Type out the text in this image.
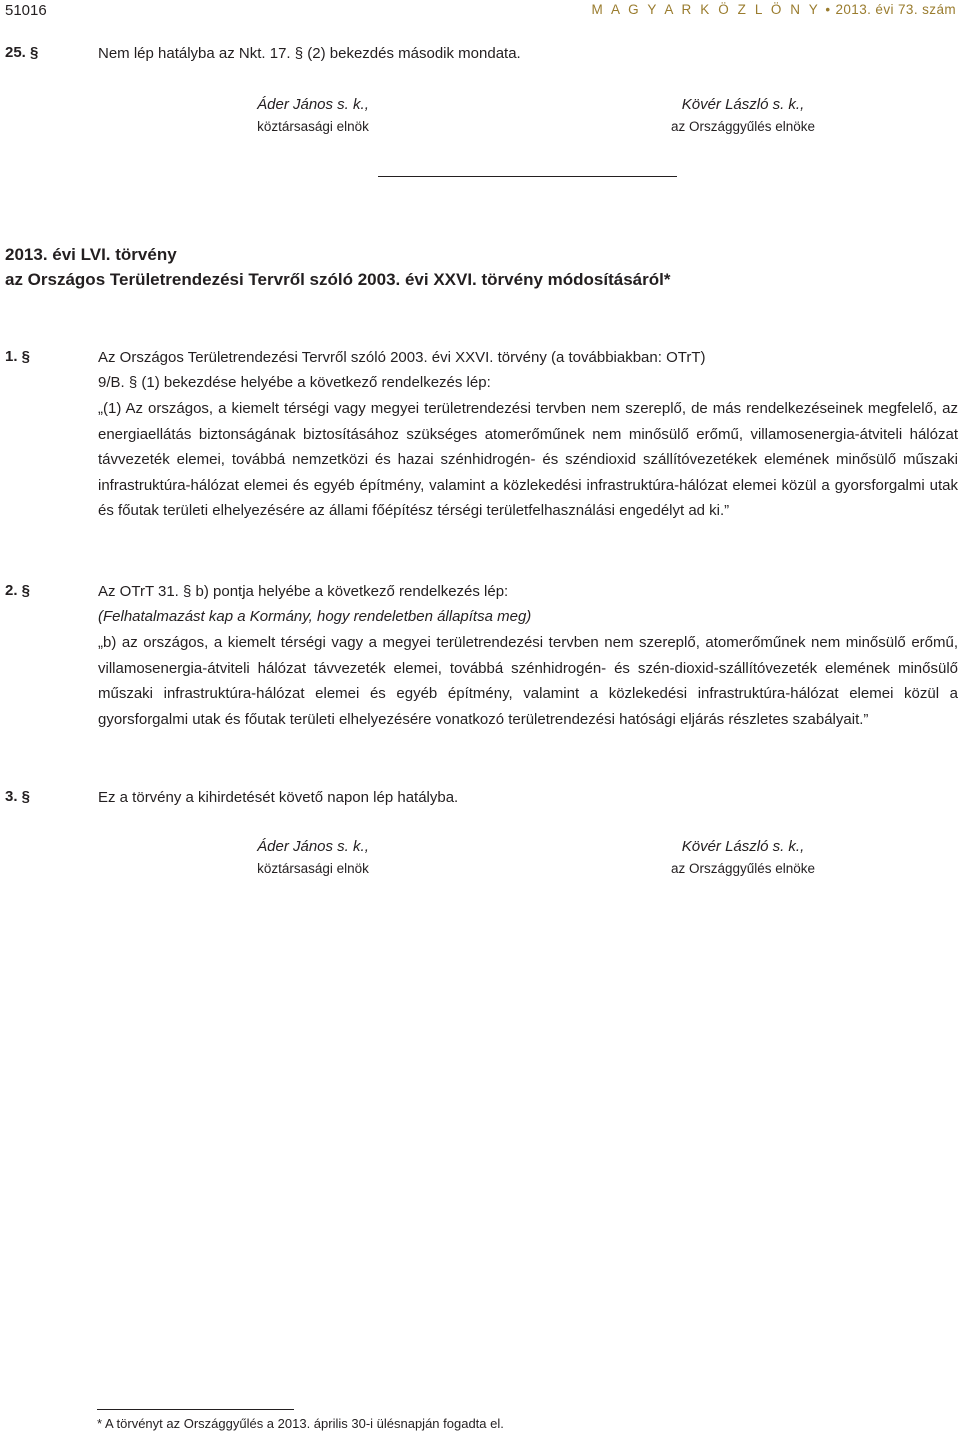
51016	M A G Y A R K Ö Z L Ö N Y • 2013. évi 73. szám
25. §	Nem lép hatályba az Nkt. 17. § (2) bekezdés második mondata.
Áder János s. k.,
köztársasági elnök
Kövér László s. k.,
az Országgyűlés elnöke
2013. évi LVI. törvény
az Országos Területrendezési Tervről szóló 2003. évi XXVI. törvény módosításáról*
1. §	Az Országos Területrendezési Tervről szóló 2003. évi XXVI. törvény (a továbbiakban: OTrT)
9/B. § (1) bekezdése helyébe a következő rendelkezés lép:
„(1) Az országos, a kiemelt térségi vagy megyei területrendezési tervben nem szereplő, de más rendelkezéseinek megfelelő, az energiaellátás biztonságának biztosításához szükséges atomerőműnek nem minősülő erőmű, villamosenergia-átviteli hálózat távvezeték elemei, továbbá nemzetközi és hazai szénhidrogén- és széndioxid szállítóvezetékek elemének minősülő műszaki infrastruktúra-hálózat elemei és egyéb építmény, valamint a közlekedési infrastruktúra-hálózat elemei közül a gyorsforgalmi utak és főutak területi elhelyezésére az állami főépítész térségi területfelhasználási engedélyt ad ki.”
2. §	Az OTrT 31. § b) pontja helyébe a következő rendelkezés lép:
(Felhatalmazást kap a Kormány, hogy rendeletben állapítsa meg)
„b) az országos, a kiemelt térségi vagy a megyei területrendezési tervben nem szereplő, atomerőműnek nem minősülő erőmű, villamosenergia-átviteli hálózat távvezeték elemei, továbbá szénhidrogén- és szén-dioxid-szállítóvezeték elemének minősülő műszaki infrastruktúra-hálózat elemei és egyéb építmény, valamint a közlekedési infrastruktúra-hálózat elemei közül a gyorsforgalmi utak és főutak területi elhelyezésére vonatkozó területrendezési hatósági eljárás részletes szabályait.”
3. §	Ez a törvény a kihirdetését követő napon lép hatályba.
Áder János s. k.,
köztársasági elnök
Kövér László s. k.,
az Országgyűlés elnöke
* A törvényt az Országgyűlés a 2013. április 30-i ülésnapján fogadta el.
